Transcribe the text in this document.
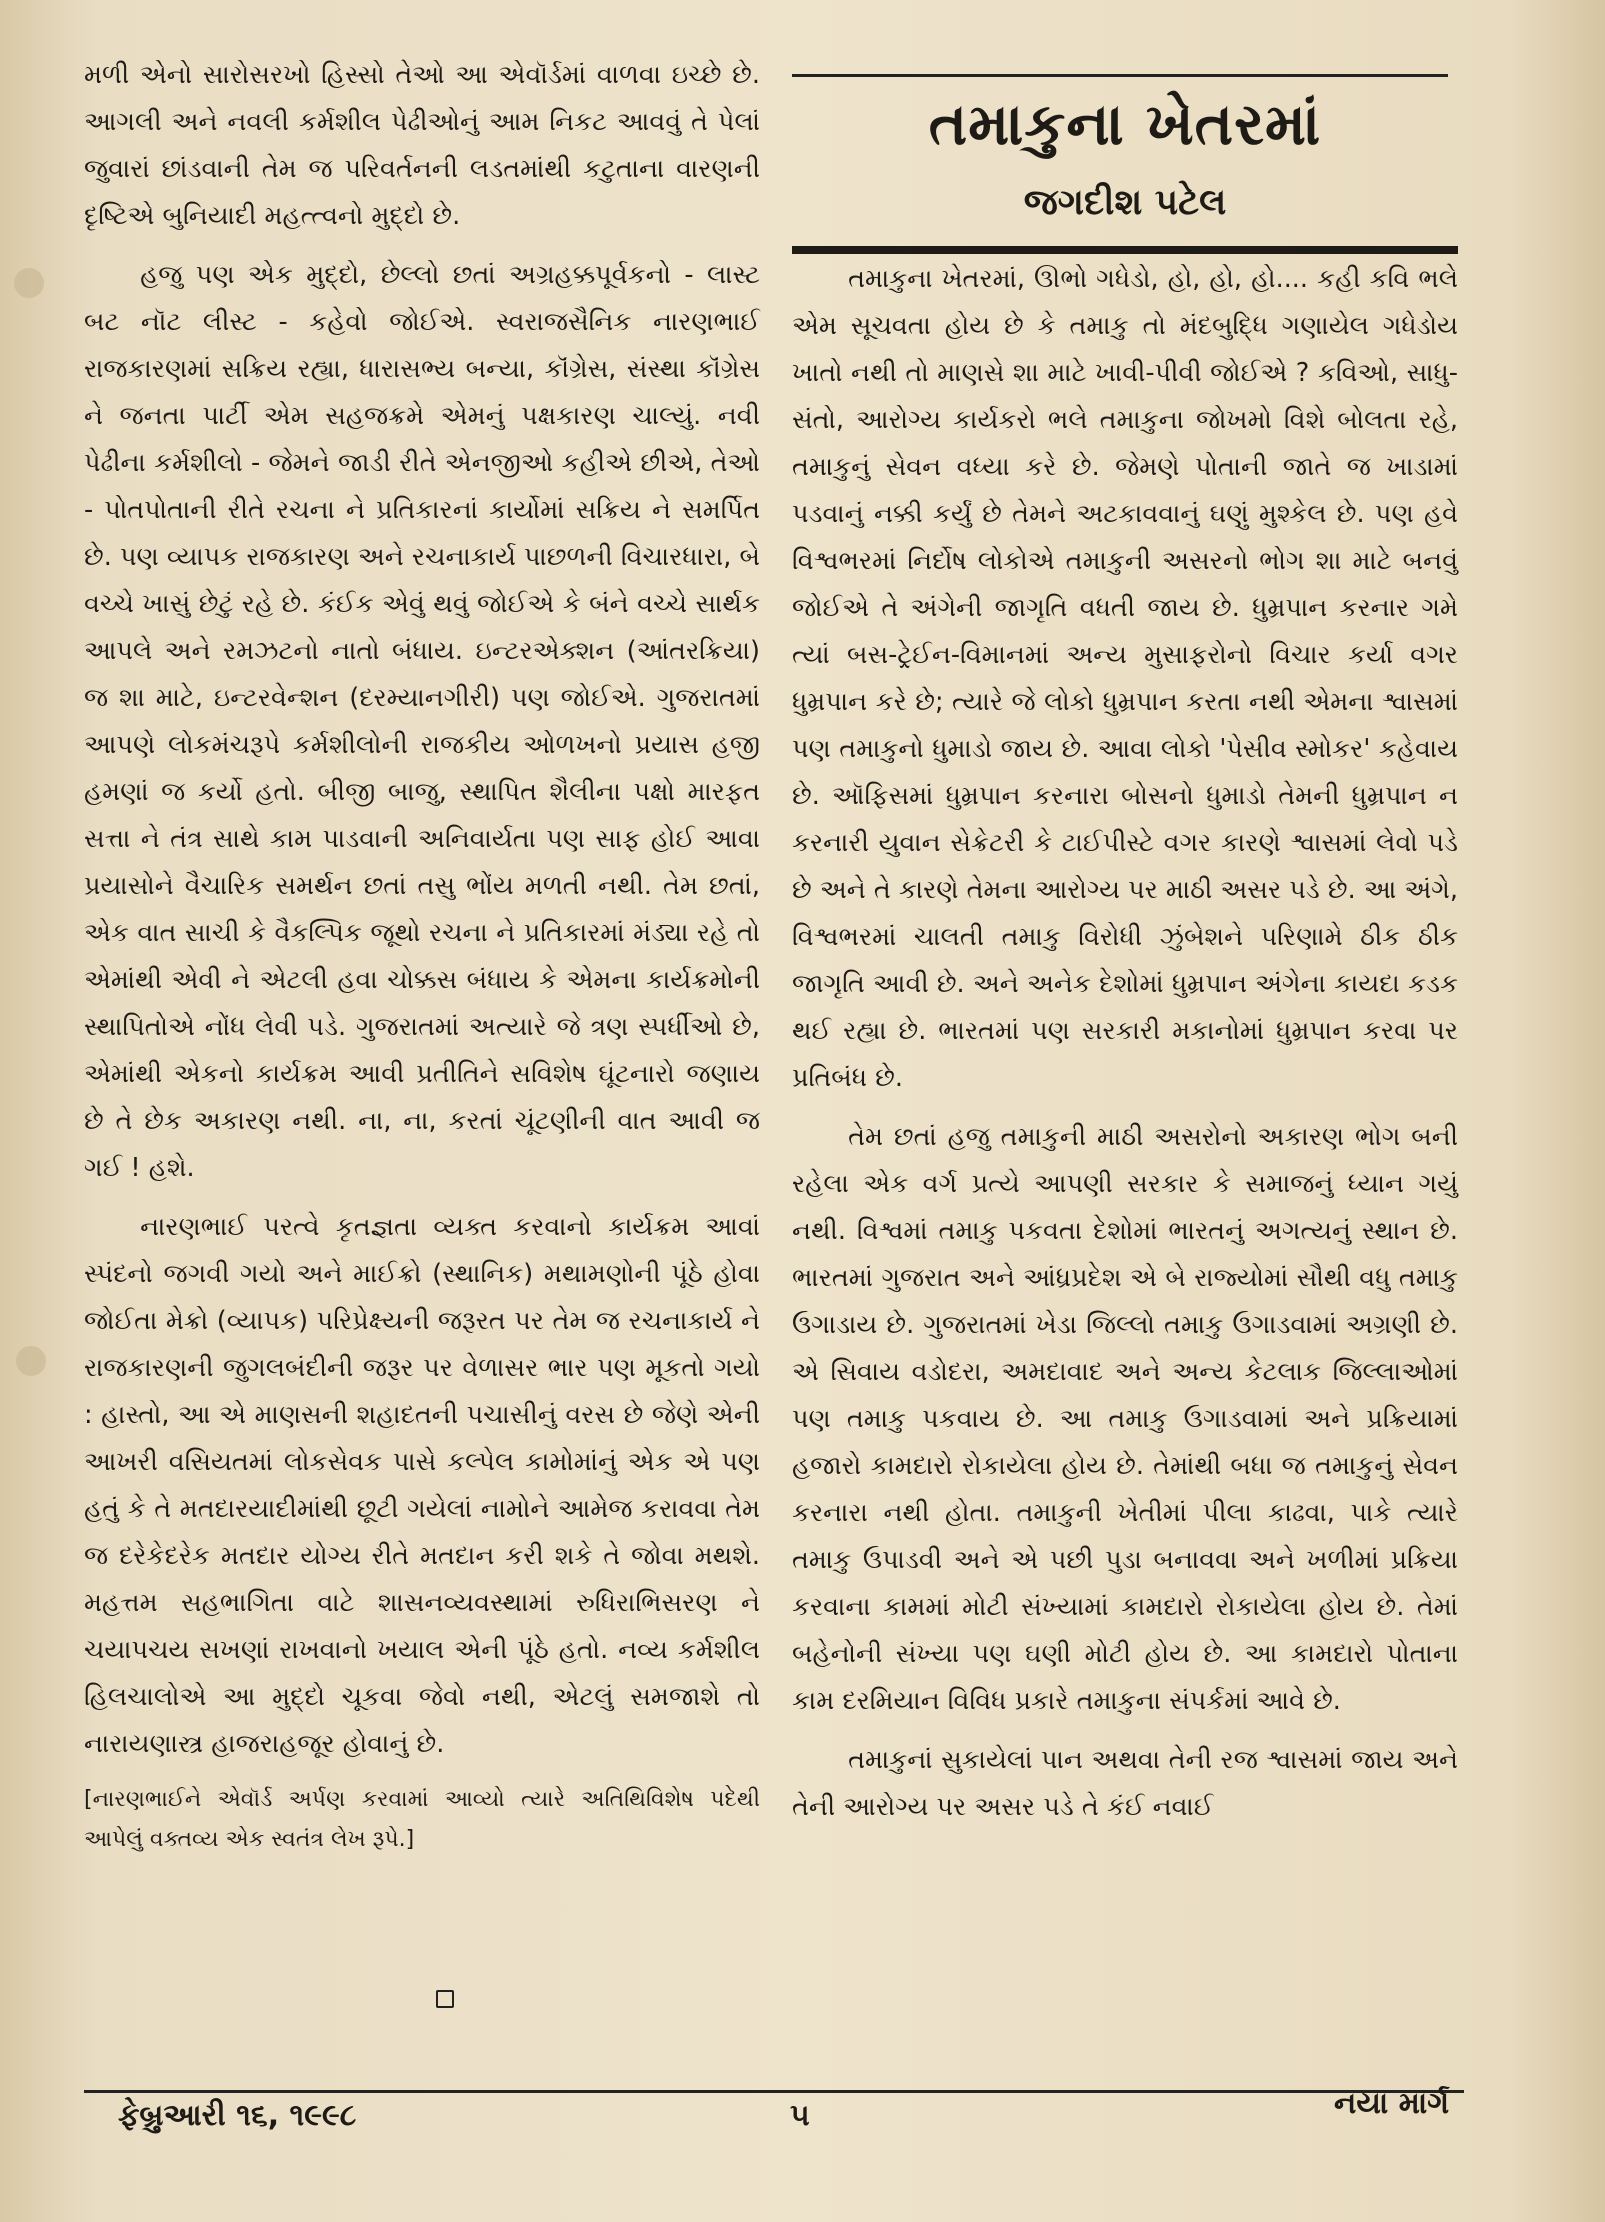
મળી એનો સારોસરખો હિસ્સો તેઓ આ એવૉર્ડમાં વાળવા ઇચ્છે છે. આગલી અને નવલી કર્મશીલ પેઢીઓનું આમ નિકટ આવવું તે પેલાં જુવારાં છાંડવાની તેમ જ પરિવર્તનની લડતમાંથી કટુતાના વારણની દૃષ્ટિએ બુનિયાદી મહત્ત્વનો મુદ્દો છે.

હજુ પણ એક મુદ્દો, છેલ્લો છતાં અગ્રહક્કપૂર્વકનો - લાસ્ટ બટ નૉટ લીસ્ટ - કહેવો જોઈએ. સ્વરાજસૈનિક નારણભાઈ રાજકારણમાં સક્રિય રહ્યા, ધારાસભ્ય બન્યા, કૉંગ્રેસ, સંસ્થા કૉંગ્રેસ ને જનતા પાર્ટી એમ સહજક્રમે એમનું પક્ષકારણ ચાલ્યું. નવી પેઢીના કર્મશીલો - જેમને જાડી રીતે એનજીઓ કહીએ છીએ, તેઓ - પોતપોતાની રીતે રચના ને પ્રતિકારનાં કાર્યોમાં સક્રિય ને સમર્પિત છે. પણ વ્યાપક રાજકારણ અને રચનાકાર્ય પાછળની વિચારધારા, બે વચ્ચે ખાસું છેટું રહે છે. કંઈક એવું થવું જોઈએ કે બંને વચ્ચે સાર્થક આપલે અને રમઝટનો નાતો બંધાય. ઇન્ટરએક્શન (આંતરક્રિયા) જ શા માટે, ઇન્ટરવેન્શન (દરમ્યાનગીરી) પણ જોઈએ. ગુજરાતમાં આપણે લોકમંચરૂપે કર્મશીલોની રાજકીય ઓળખનો પ્રયાસ હજી હમણાં જ કર્યો હતો. બીજી બાજુ, સ્થાપિત શૈલીના પક્ષો મારફત સત્તા ને તંત્ર સાથે કામ પાડવાની અનિવાર્યતા પણ સાફ હોઈ આવા પ્રયાસોને વૈચારિક સમર્થન છતાં તસુ ભોંય મળતી નથી. તેમ છતાં, એક વાત સાચી કે વૈકલ્પિક જૂથો રચના ને પ્રતિકારમાં મંડ્યા રહે તો એમાંથી એવી ને એટલી હવા ચોક્કસ બંધાય કે એમના કાર્યક્રમોની સ્થાપિતોએ નોંધ લેવી પડે. ગુજરાતમાં અત્યારે જે ત્રણ સ્પર્ધીઓ છે, એમાંથી એકનો કાર્યક્રમ આવી પ્રતીતિને સવિશેષ ઘૂંટનારો જણાય છે તે છેક અકારણ નથી. ના, ના, કરતાં ચૂંટણીની વાત આવી જ ગઈ ! હશે.

નારણભાઈ પરત્વે કૃતજ્ઞતા વ્યક્ત કરવાનો કાર્યક્રમ આવાં સ્પંદનો જગવી ગયો અને માઈક્રો (સ્થાનિક) મથામણોની પૂંઠે હોવા જોઈતા મેક્રો (વ્યાપક) પરિપ્રેક્ષ્યની જરૂરત પર તેમ જ રચનાકાર્ય ને રાજકારણની જુગલબંદીની જરૂર પર વેળાસર ભાર પણ મૂકતો ગયો : હાસ્તો, આ એ માણસની શહાદતની પચાસીનું વરસ છે જેણે એની આખરી વસિયતમાં લોકસેવક પાસે કલ્પેલ કામોમાંનું એક એ પણ હતું કે તે મતદારયાદીમાંથી છૂટી ગયેલાં નામોને આમેજ કરાવવા તેમ જ દરેકેદરેક મતદાર યોગ્ય રીતે મતદાન કરી શકે તે જોવા મથશે. મહત્તમ સહભાગિતા વાટે શાસનવ્યવસ્થામાં રુધિરાભિસરણ ને ચયાપચય સખણાં રાખવાનો ખયાલ એની પૂંઠે હતો. નવ્ય કર્મશીલ હિલચાલોએ આ મુદ્દો ચૂકવા જેવો નથી, એટલું સમજાશે તો નારાયણાસ્ત્ર હાજરાહજૂર હોવાનું છે.

[નારણભાઈને એવૉર્ડ અર્પણ કરવામાં આવ્યો ત્યારે અતિથિવિશેષ પદેથી આપેલું વક્તવ્ય એક સ્વતંત્ર લેખ રૂપે.]

તમાકુના ખેતરમાં
જગદીશ પટેલ

તમાકુના ખેતરમાં, ઊભો ગધેડો, હો, હો, હો.... કહી કવિ ભલે એમ સૂચવતા હોય છે કે તમાકુ તો મંદબુદ્ધિ ગણાયેલ ગધેડોય ખાતો નથી તો માણસે શા માટે ખાવી-પીવી જોઈએ ? કવિઓ, સાધુ-સંતો, આરોગ્ય કાર્યકરો ભલે તમાકુના જોખમો વિશે બોલતા રહે, તમાકુનું સેવન વધ્યા કરે છે. જેમણે પોતાની જાતે જ ખાડામાં પડવાનું નક્કી કર્યું છે તેમને અટકાવવાનું ઘણું મુશ્કેલ છે. પણ હવે વિશ્વભરમાં નિર્દોષ લોકોએ તમાકુની અસરનો ભોગ શા માટે બનવું જોઈએ તે અંગેની જાગૃતિ વધતી જાય છે. ધુમ્રપાન કરનાર ગમે ત્યાં બસ-ટ્રેઈન-વિમાનમાં અન્ય મુસાફરોનો વિચાર કર્યા વગર ધુમ્રપાન કરે છે; ત્યારે જે લોકો ધુમ્રપાન કરતા નથી એમના શ્વાસમાં પણ તમાકુનો ધુમાડો જાય છે. આવા લોકો 'પેસીવ સ્મોકર' કહેવાય છે. ઑફિસમાં ધુમ્રપાન કરનારા બોસનો ધુમાડો તેમની ધુમ્રપાન ન કરનારી યુવાન સેક્રેટરી કે ટાઈપીસ્ટે વગર કારણે શ્વાસમાં લેવો પડે છે અને તે કારણે તેમના આરોગ્ય પર માઠી અસર પડે છે. આ અંગે, વિશ્વભરમાં ચાલતી તમાકુ વિરોધી ઝુંબેશને પરિણામે ઠીક ઠીક જાગૃતિ આવી છે. અને અનેક દેશોમાં ધુમ્રપાન અંગેના કાયદા કડક થઈ રહ્યા છે. ભારતમાં પણ સરકારી મકાનોમાં ધુમ્રપાન કરવા પર પ્રતિબંધ છે.

તેમ છતાં હજુ તમાકુની માઠી અસરોનો અકારણ ભોગ બની રહેલા એક વર્ગ પ્રત્યે આપણી સરકાર કે સમાજનું ધ્યાન ગયું નથી. વિશ્વમાં તમાકુ પકવતા દેશોમાં ભારતનું અગત્યનું સ્થાન છે. ભારતમાં ગુજરાત અને આંધ્રપ્રદેશ એ બે રાજ્યોમાં સૌથી વધુ તમાકુ ઉગાડાય છે. ગુજરાતમાં ખેડા જિલ્લો તમાકુ ઉગાડવામાં અગ્રણી છે. એ સિવાય વડોદરા, અમદાવાદ અને અન્ય કેટલાક જિલ્લાઓમાં પણ તમાકુ પકવાય છે. આ તમાકુ ઉગાડવામાં અને પ્રક્રિયામાં હજારો કામદારો રોકાયેલા હોય છે. તેમાંથી બધા જ તમાકુનું સેવન કરનારા નથી હોતા. તમાકુની ખેતીમાં પીલા કાઢવા, પાકે ત્યારે તમાકુ ઉપાડવી અને એ પછી પુડા બનાવવા અને ખળીમાં પ્રક્રિયા કરવાના કામમાં મોટી સંખ્યામાં કામદારો રોકાયેલા હોય છે. તેમાં બહેનોની સંખ્યા પણ ઘણી મોટી હોય છે. આ કામદારો પોતાના કામ દરમિયાન વિવિધ પ્રકારે તમાકુના સંપર્કમાં આવે છે.

તમાકુનાં સુકાયેલાં પાન અથવા તેની રજ શ્વાસમાં જાય અને તેની આરોગ્ય પર અસર પડે તે કંઈ નવાઈ

ફેબ્રુઆરી ૧૬, ૧૯૯૮	૫	નયા માર્ગ
